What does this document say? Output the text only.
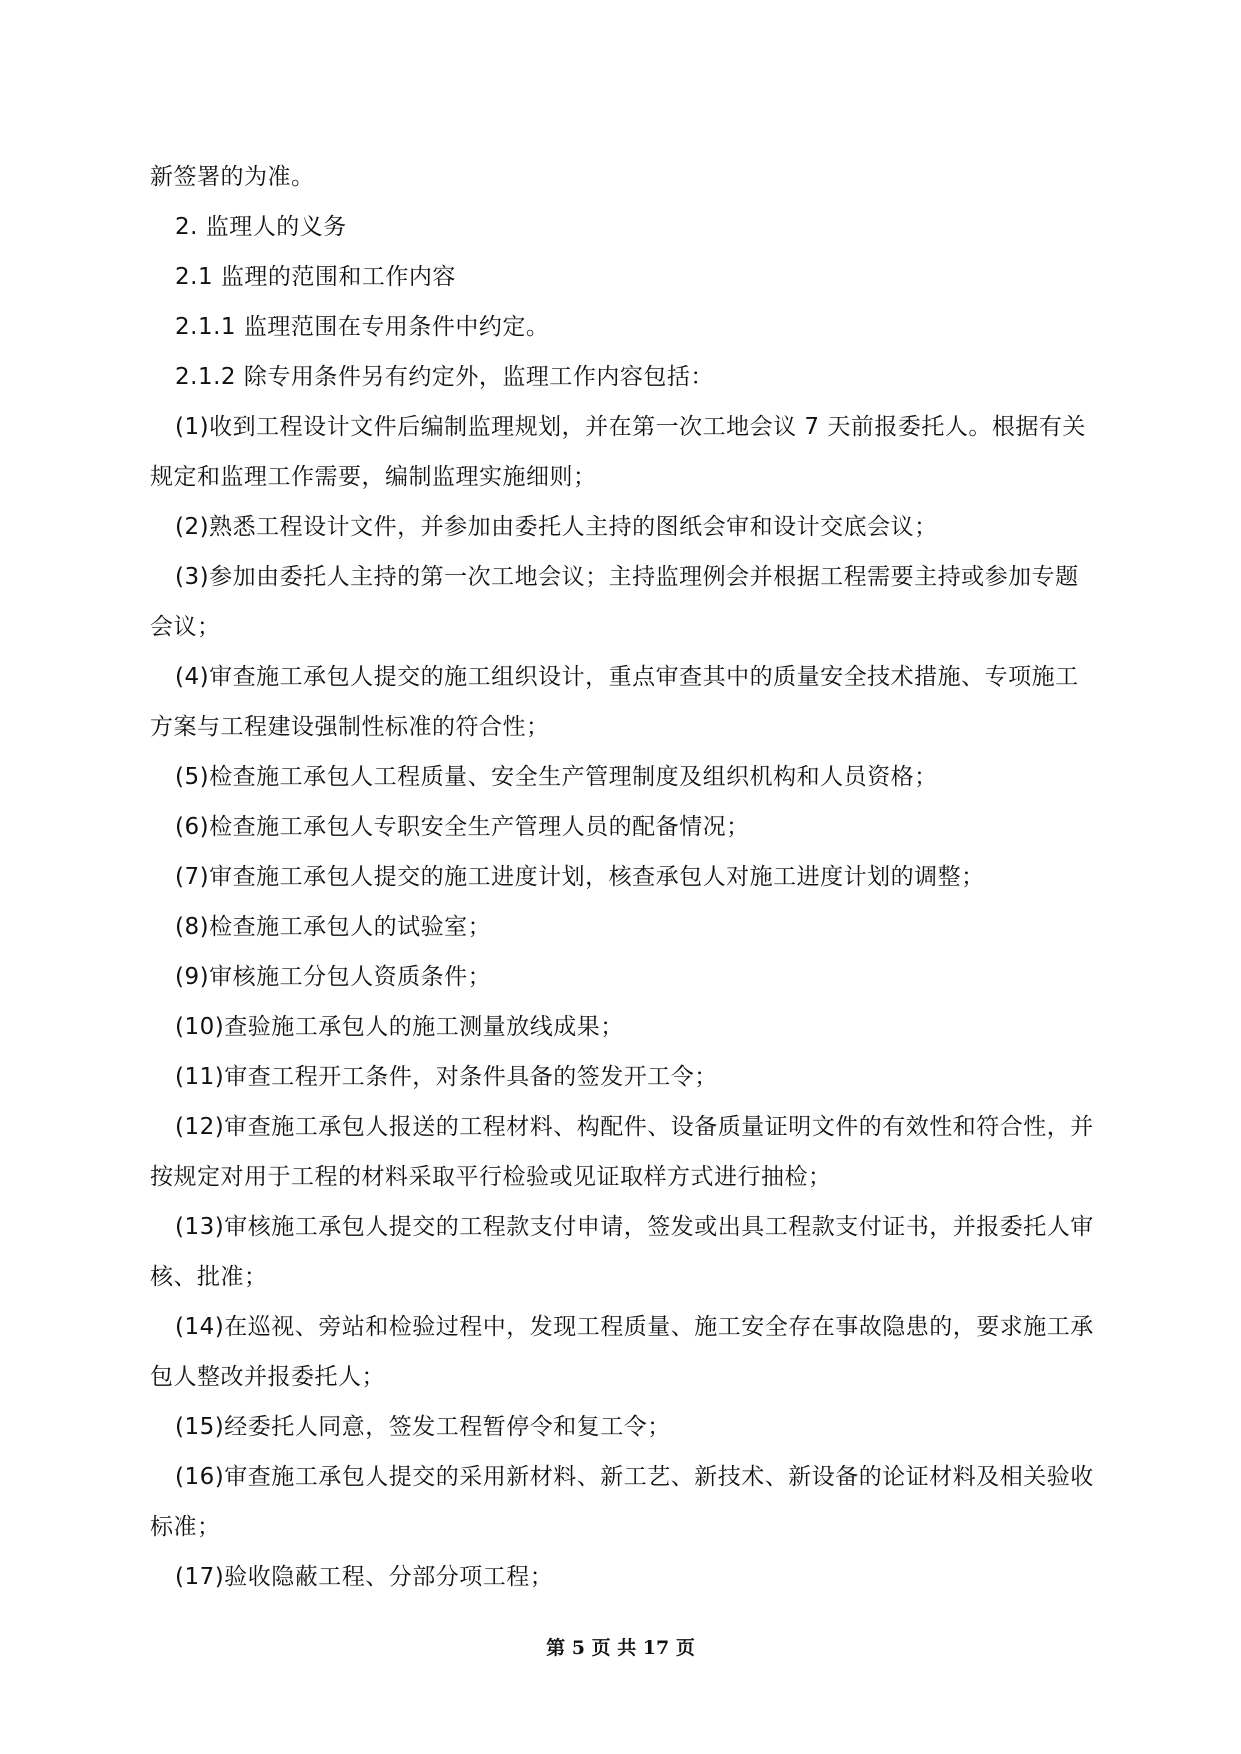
新签署的为准。

2. 监理人的义务

2.1 监理的范围和工作内容

2.1.1 监理范围在专用条件中约定。

2.1.2 除专用条件另有约定外，监理工作内容包括：

(1)收到工程设计文件后编制监理规划，并在第一次工地会议 7 天前报委托人。根据有关规定和监理工作需要，编制监理实施细则；

(2)熟悉工程设计文件，并参加由委托人主持的图纸会审和设计交底会议；

(3)参加由委托人主持的第一次工地会议；主持监理例会并根据工程需要主持或参加专题会议；

(4)审查施工承包人提交的施工组织设计，重点审查其中的质量安全技术措施、专项施工方案与工程建设强制性标准的符合性；

(5)检查施工承包人工程质量、安全生产管理制度及组织机构和人员资格；

(6)检查施工承包人专职安全生产管理人员的配备情况；

(7)审查施工承包人提交的施工进度计划，核查承包人对施工进度计划的调整；

(8)检查施工承包人的试验室；

(9)审核施工分包人资质条件；

(10)查验施工承包人的施工测量放线成果；

(11)审查工程开工条件，对条件具备的签发开工令；

(12)审查施工承包人报送的工程材料、构配件、设备质量证明文件的有效性和符合性，并按规定对用于工程的材料采取平行检验或见证取样方式进行抽检；

(13)审核施工承包人提交的工程款支付申请，签发或出具工程款支付证书，并报委托人审核、批准；

(14)在巡视、旁站和检验过程中，发现工程质量、施工安全存在事故隐患的，要求施工承包人整改并报委托人；

(15)经委托人同意，签发工程暂停令和复工令；

(16)审查施工承包人提交的采用新材料、新工艺、新技术、新设备的论证材料及相关验收标准；

(17)验收隐蔽工程、分部分项工程；

第 5 页 共 17 页
